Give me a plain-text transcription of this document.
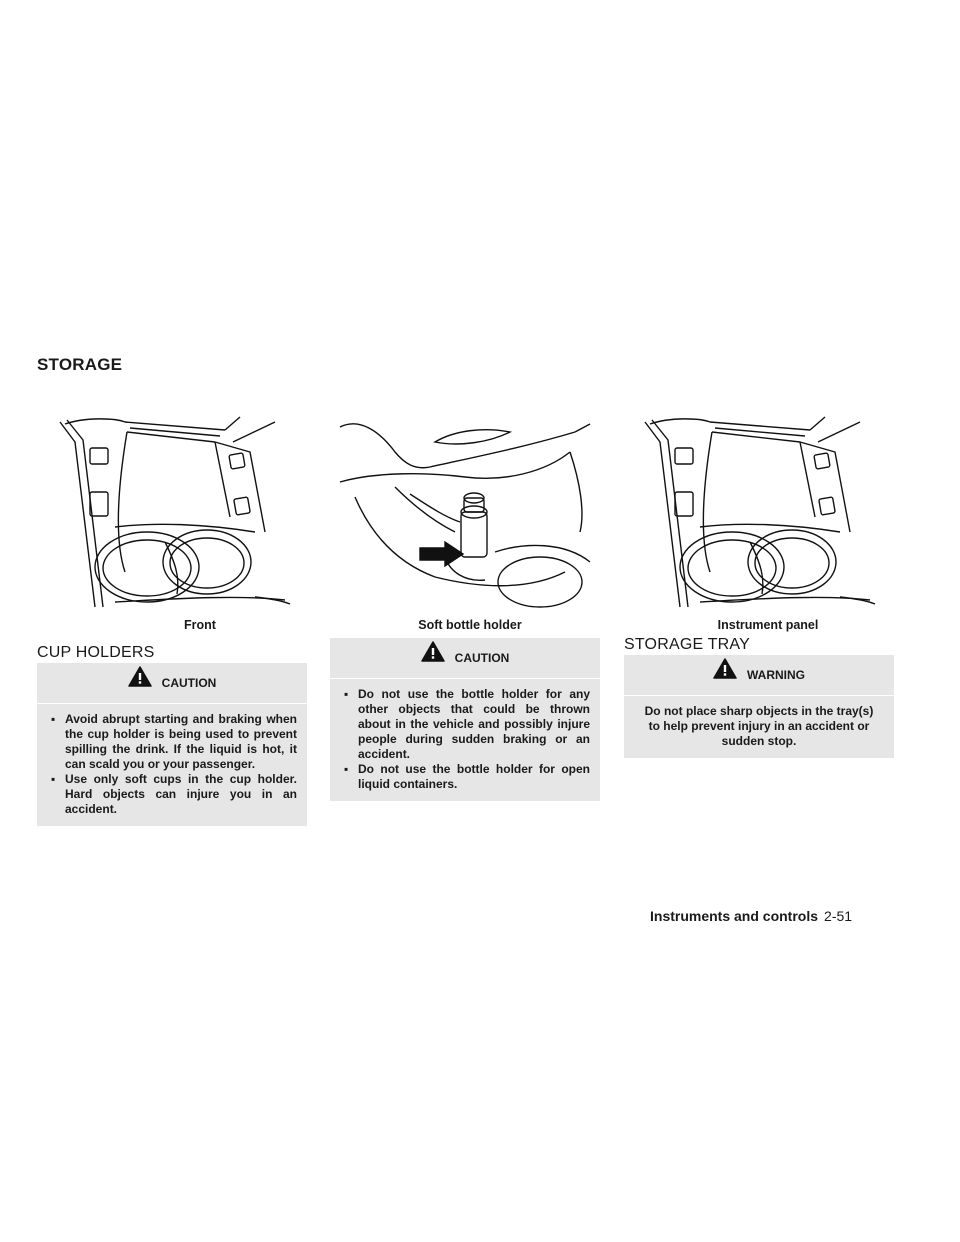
STORAGE
Front	Soft bottle holder	Instrument panel
CUP HOLDERS
CAUTION
▪ Avoid abrupt starting and braking when the cup holder is being used to prevent spilling the drink. If the liquid is hot, it can scald you or your passenger.
▪ Use only soft cups in the cup holder. Hard objects can injure you in an accident.
CAUTION
▪ Do not use the bottle holder for any other objects that could be thrown about in the vehicle and possibly injure people during sudden braking or an accident.
▪ Do not use the bottle holder for open liquid containers.
STORAGE TRAY
WARNING
Do not place sharp objects in the tray(s) to help prevent injury in an accident or sudden stop.
Instruments and controls 2-51
